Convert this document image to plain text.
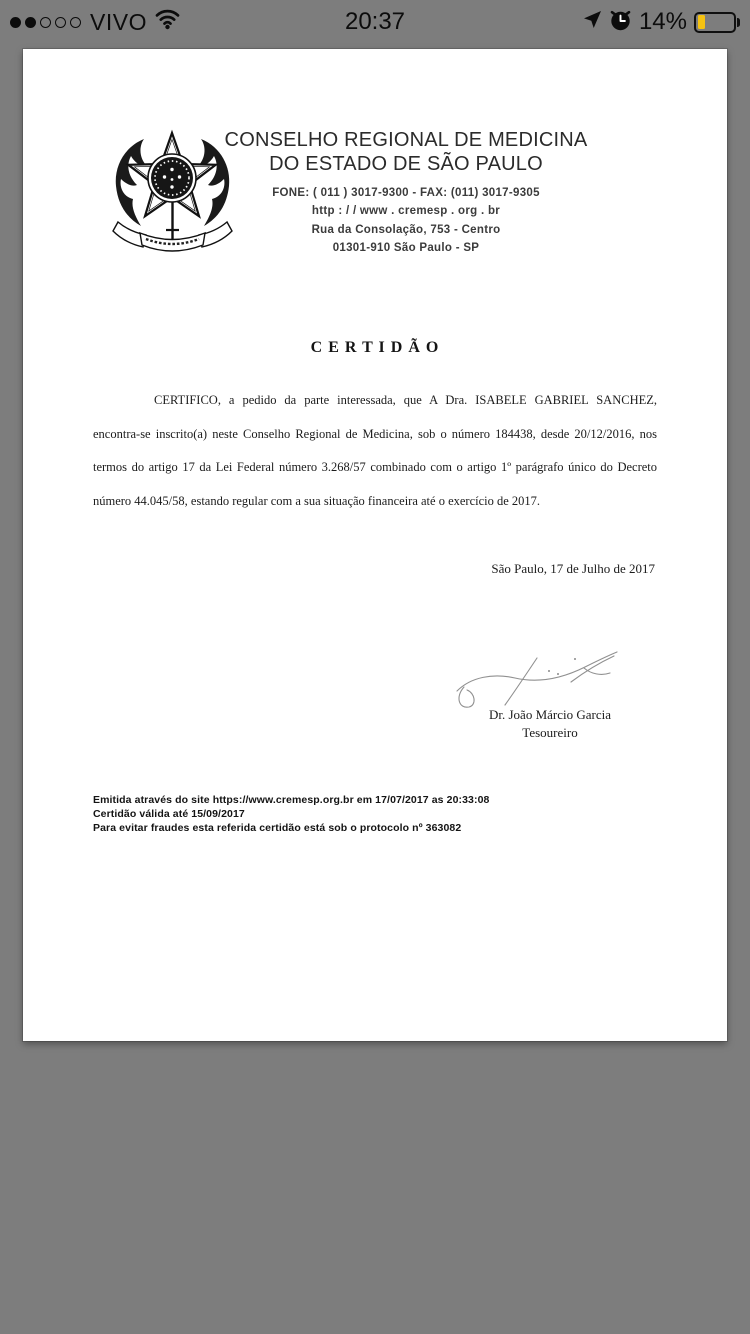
VIVO	20:37	14%
CONSELHO REGIONAL DE MEDICINA
DO ESTADO DE SÃO PAULO
FONE: ( 011 ) 3017-9300 - FAX: (011) 3017-9305
http : / / www . cremesp . org . br
Rua da Consolação, 753 - Centro
01301-910 São Paulo - SP
C E R T I D Ã O
CERTIFICO, a pedido da parte interessada, que A Dra. ISABELE GABRIEL SANCHEZ,
encontra-se inscrito(a) neste Conselho Regional de Medicina, sob o número 184438, desde 20/12/2016, nos
termos do artigo 17 da Lei Federal número 3.268/57 combinado com o artigo 1º parágrafo único do Decreto
número 44.045/58, estando regular com a sua situação financeira até o exercício de 2017.
São Paulo, 17 de Julho de 2017
Dr. João Márcio Garcia
Tesoureiro
Emitida através do site https://www.cremesp.org.br em 17/07/2017 as 20:33:08
Certidão válida até 15/09/2017
Para evitar fraudes esta referida certidão está sob o protocolo nº 363082
